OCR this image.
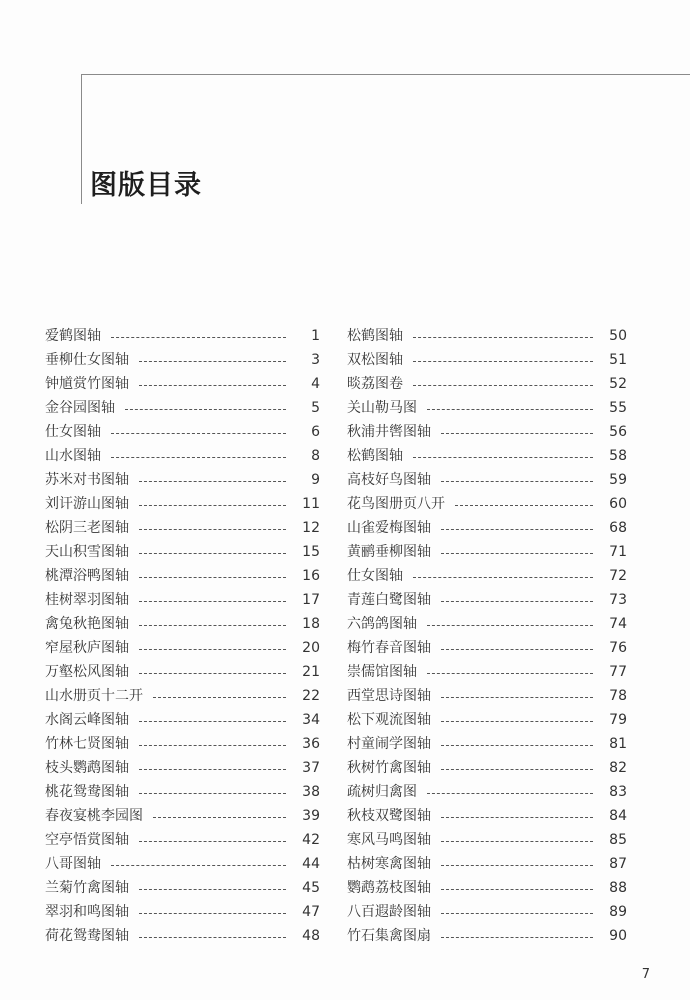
图版目录
爱鹤图轴	1
垂柳仕女图轴	3
钟馗赏竹图轴	4
金谷园图轴	5
仕女图轴	6
山水图轴	8
苏米对书图轴	9
刘讦游山图轴	11
松阴三老图轴	12
天山积雪图轴	15
桃潭浴鸭图轴	16
桂树翠羽图轴	17
禽兔秋艳图轴	18
窄屋秋庐图轴	20
万壑松风图轴	21
山水册页十二开	22
水阁云峰图轴	34
竹林七贤图轴	36
枝头鹦鹉图轴	37
桃花鸳鸯图轴	38
春夜宴桃李园图	39
空亭悟赏图轴	42
八哥图轴	44
兰菊竹禽图轴	45
翠羽和鸣图轴	47
荷花鸳鸯图轴	48
松鹤图轴	50
双松图轴	51
晱荔图卷	52
关山勒马图	55
秋浦井辔图轴	56
松鹤图轴	58
高枝好鸟图轴	59
花鸟图册页八开	60
山雀爱梅图轴	68
黄鹂垂柳图轴	71
仕女图轴	72
青莲白鹭图轴	73
六鸽鸽图轴	74
梅竹春音图轴	76
崇儒馆图轴	77
西堂思诗图轴	78
松下观流图轴	79
村童闹学图轴	81
秋树竹禽图轴	82
疏树归禽图	83
秋枝双鹭图轴	84
寒风马鸣图轴	85
枯树寒禽图轴	87
鹦鹉荔枝图轴	88
八百遐龄图轴	89
竹石集禽图扇	90
7
